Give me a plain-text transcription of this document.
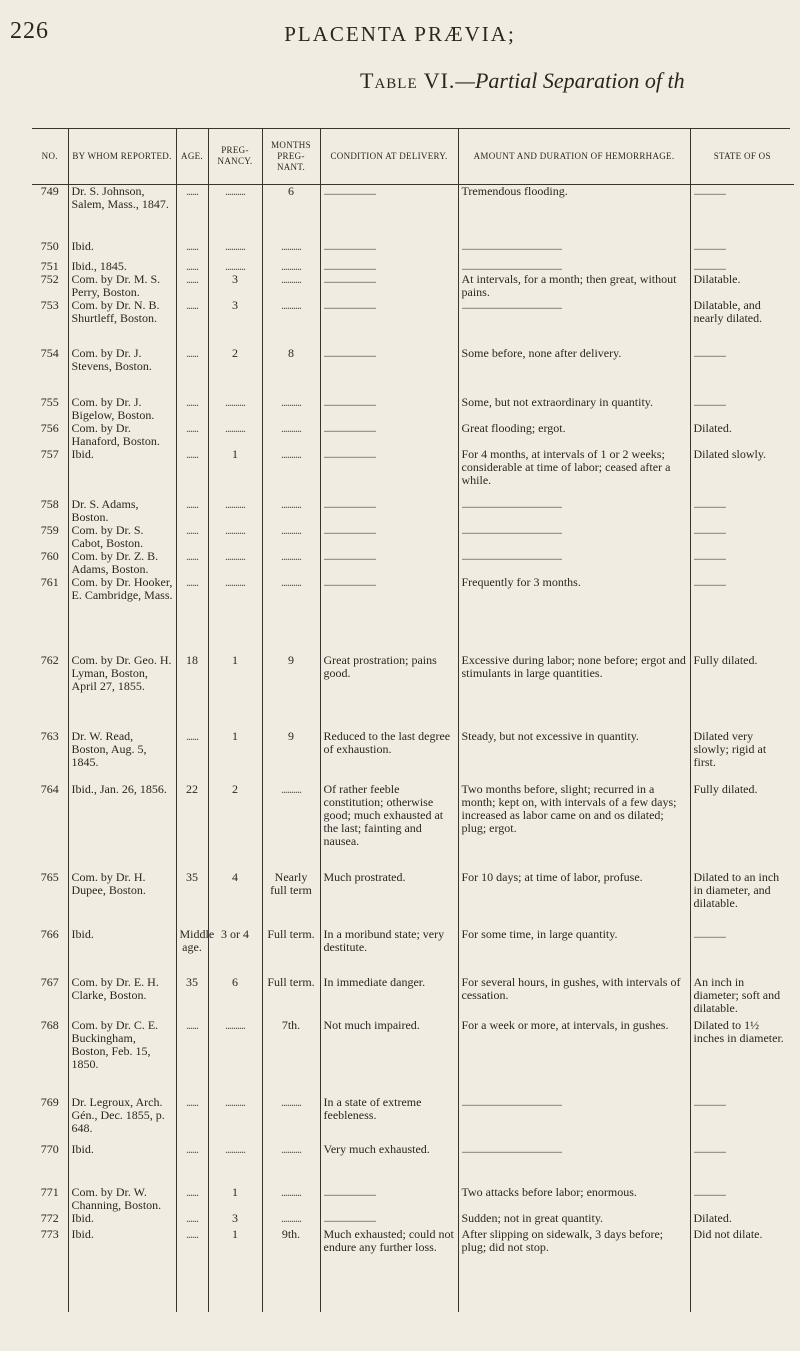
226	PLACENTA PRÆVIA;
Table VI.—Partial Separation of th
NO.	BY WHOM REPORTED.	AGE.	PREG-NANCY.	MONTHS PREG-NANT.	CONDITION AT DELIVERY.	AMOUNT AND DURATION OF HEMORRHAGE.	STATE OF OS
749	Dr. S. Johnson, Salem, Mass., 1847.	......	..........	6	..........................	Tremendous flooding.	................
750	Ibid.	......	..........	..........	..........................	..................................................	................
751	Ibid., 1845.	......	..........	..........	..........................	..................................................	................
752	Com. by Dr. M. S. Perry, Boston.	......	3	..........	..........................	At intervals, for a month; then great, without pains.	Dilatable.
753	Com. by Dr. N. B. Shurtleff, Boston.	......	3	..........	..........................	..................................................	Dilatable, and nearly dilated.
754	Com. by Dr. J. Stevens, Boston.	......	2	8	..........................	Some before, none after delivery.	................
755	Com. by Dr. J. Bigelow, Boston.	......	..........	..........	..........................	Some, but not extraordinary in quantity.	................
756	Com. by Dr. Hanaford, Boston.	......	..........	..........	..........................	Great flooding; ergot.	Dilated.
757	Ibid.	......	1	..........	..........................	For 4 months, at intervals of 1 or 2 weeks; considerable at time of labor; ceased after a while.	Dilated slowly.
758	Dr. S. Adams, Boston.	......	..........	..........	..........................	..................................................	................
759	Com. by Dr. S. Cabot, Boston.	......	..........	..........	..........................	..................................................	................
760	Com. by Dr. Z. B. Adams, Boston.	......	..........	..........	..........................	..................................................	................
761	Com. by Dr. Hooker, E. Cambridge, Mass.	......	..........	..........	..........................	Frequently for 3 months.	................
762	Com. by Dr. Geo. H. Lyman, Boston, April 27, 1855.	18	1	9	Great prostration; pains good.	Excessive during labor; none before; ergot and stimulants in large quantities.	Fully dilated.
763	Dr. W. Read, Boston, Aug. 5, 1845.	......	1	9	Reduced to the last degree of exhaustion.	Steady, but not excessive in quantity.	Dilated very slowly; rigid at first.
764	Ibid., Jan. 26, 1856.	22	2	..........	Of rather feeble constitution; otherwise good; much exhausted at the last; fainting and nausea.	Two months before, slight; recurred in a month; kept on, with intervals of a few days; increased as labor came on and os dilated; plug; ergot.	Fully dilated.
765	Com. by Dr. H. Dupee, Boston.	35	4	Nearly full term	Much prostrated.	For 10 days; at time of labor, profuse.	Dilated to an inch in diameter, and dilatable.
766	Ibid.	Middle age.	3 or 4	Full term.	In a moribund state; very destitute.	For some time, in large quantity.	................
767	Com. by Dr. E. H. Clarke, Boston.	35	6	Full term.	In immediate danger.	For several hours, in gushes, with intervals of cessation.	An inch in diameter; soft and dilatable.
768	Com. by Dr. C. E. Buckingham, Boston, Feb. 15, 1850.	......	..........	7th.	Not much impaired.	For a week or more, at intervals, in gushes.	Dilated to 1½ inches in diameter.
769	Dr. Legroux, Arch. Gén., Dec. 1855, p. 648.	......	..........	..........	In a state of extreme feebleness.	..................................................	................
770	Ibid.	......	..........	..........	Very much exhausted.	..................................................	................
771	Com. by Dr. W. Channing, Boston.	......	1	..........	..........................	Two attacks before labor; enormous.	................
772	Ibid.	......	3	..........	..........................	Sudden; not in great quantity.	Dilated.
773	Ibid.	......	1	9th.	Much exhausted; could not endure any further loss.	After slipping on sidewalk, 3 days before; plug; did not stop.	Did not dilate.
